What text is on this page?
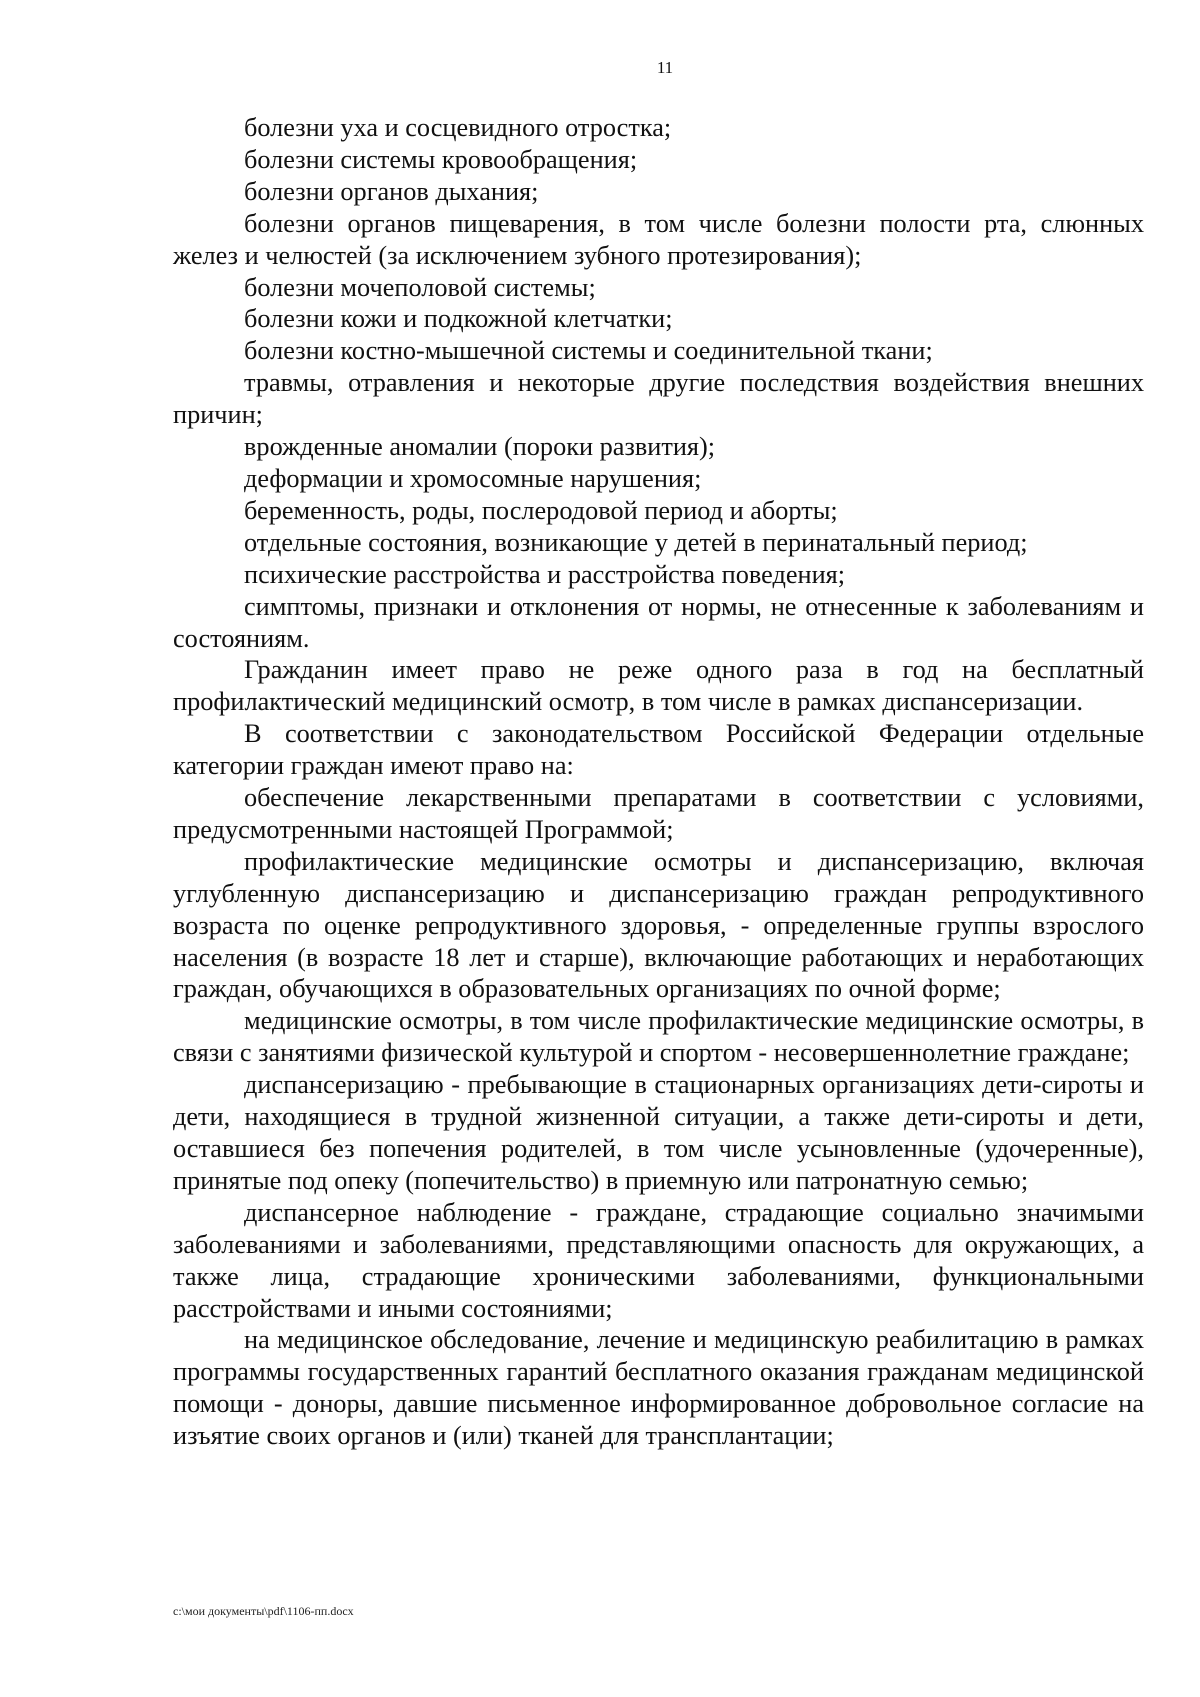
11

болезни уха и сосцевидного отростка;

болезни системы кровообращения;

болезни органов дыхания;

болезни органов пищеварения, в том числе болезни полости рта, слюнных желез и челюстей (за исключением зубного протезирования);

болезни мочеполовой системы;

болезни кожи и подкожной клетчатки;

болезни костно-мышечной системы и соединительной ткани;

травмы, отравления и некоторые другие последствия воздействия внешних причин;

врожденные аномалии (пороки развития);

деформации и хромосомные нарушения;

беременность, роды, послеродовой период и аборты;

отдельные состояния, возникающие у детей в перинатальный период;

психические расстройства и расстройства поведения;

симптомы, признаки и отклонения от нормы, не отнесенные к заболеваниям и состояниям.

Гражданин имеет право не реже одного раза в год на бесплатный профилактический медицинский осмотр, в том числе в рамках диспансеризации.

В соответствии с законодательством Российской Федерации отдельные категории граждан имеют право на:

обеспечение лекарственными препаратами в соответствии с условиями, предусмотренными настоящей Программой;

профилактические медицинские осмотры и диспансеризацию, включая углубленную диспансеризацию и диспансеризацию граждан репродуктивного возраста по оценке репродуктивного здоровья, - определенные группы взрослого населения (в возрасте 18 лет и старше), включающие работающих и неработающих граждан, обучающихся в образовательных организациях по очной форме;

медицинские осмотры, в том числе профилактические медицинские осмотры, в связи с занятиями физической культурой и спортом - несовершеннолетние граждане;

диспансеризацию - пребывающие в стационарных организациях дети-сироты и дети, находящиеся в трудной жизненной ситуации, а также дети-сироты и дети, оставшиеся без попечения родителей, в том числе усыновленные (удочеренные), принятые под опеку (попечительство) в приемную или патронатную семью;

диспансерное наблюдение - граждане, страдающие социально значимыми заболеваниями и заболеваниями, представляющими опасность для окружающих, а также лица, страдающие хроническими заболеваниями, функциональными расстройствами и иными состояниями;

на медицинское обследование, лечение и медицинскую реабилитацию в рамках программы государственных гарантий бесплатного оказания гражданам медицинской помощи - доноры, давшие письменное информированное добровольное согласие на изъятие своих органов и (или) тканей для трансплантации;

c:\мои документы\pdf\1106-пп.docx
